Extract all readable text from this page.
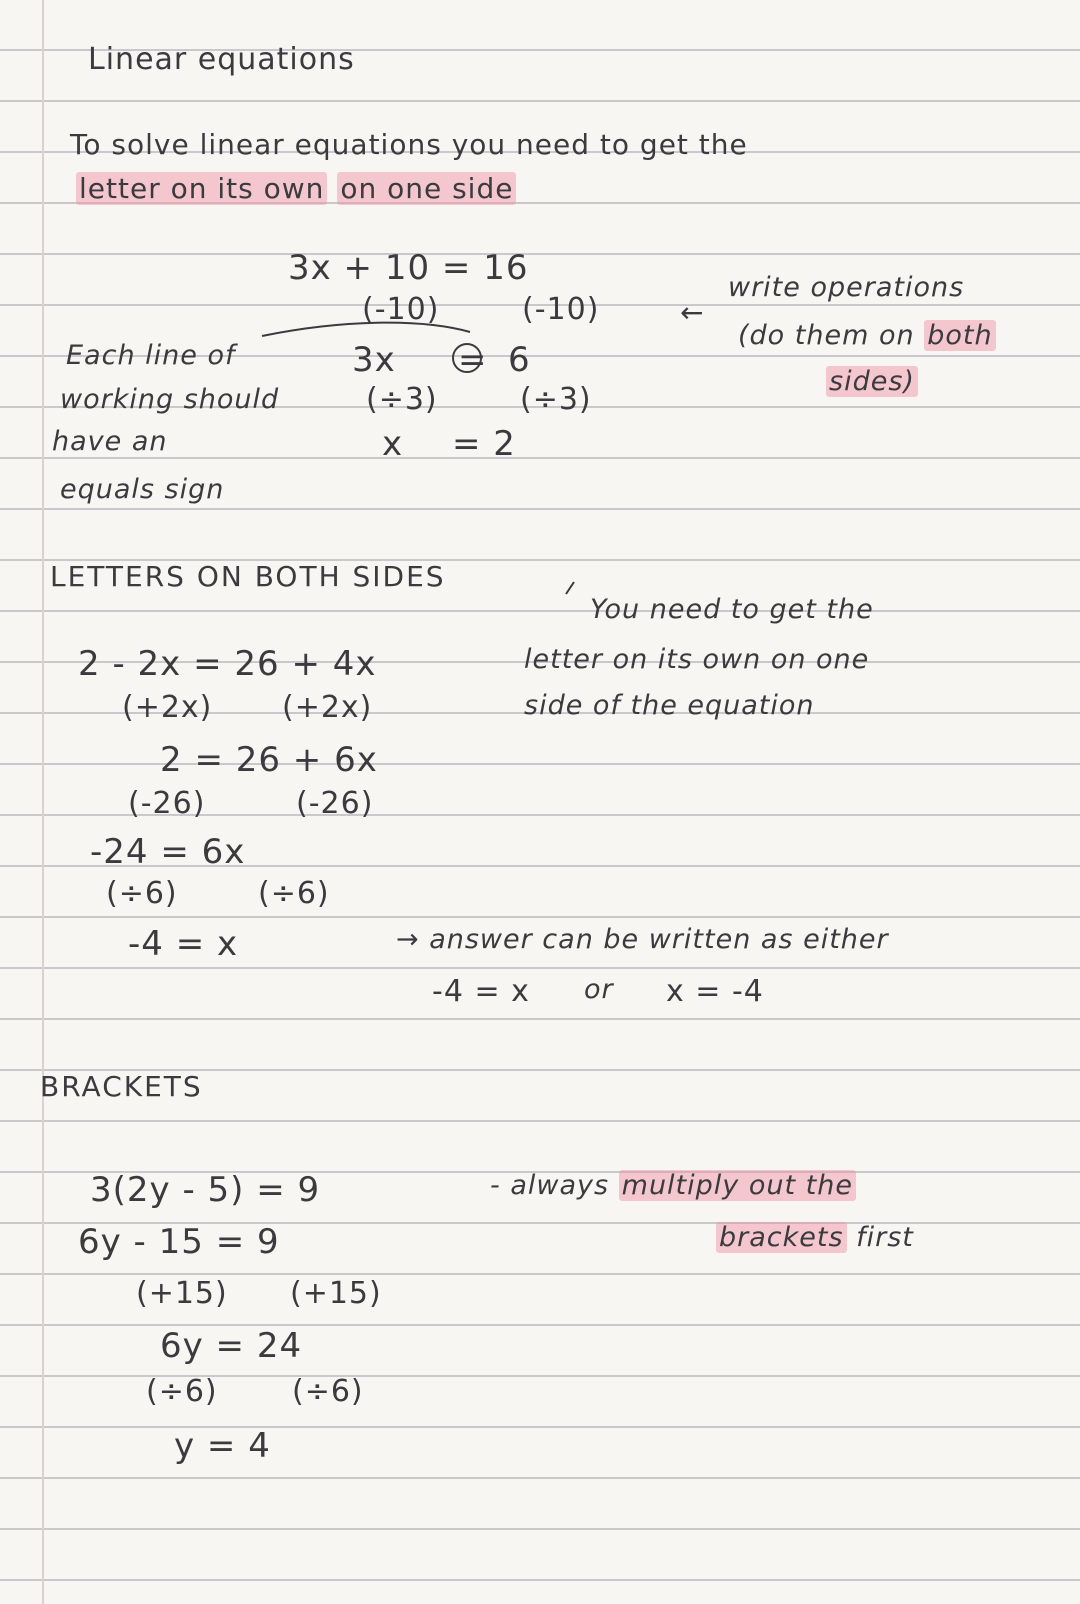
Linear equations
To solve linear equations you need to get the
letter on its own on one side
3x + 10 = 16
(-10)	(-10)
3x = 6
(÷3)	(÷3)
x = 2
Each line of
working should
have an
equals sign
←
write operations
(do them on both
sides)
LETTERS ON BOTH SIDES
You need to get the
letter on its own on one
side of the equation
2 - 2x = 26 + 4x
(+2x) (+2x)
2 = 26 + 6x
(-26)	(-26)
-24 = 6x
(÷6)	(÷6)
-4 = x	→ answer can be written as either
-4 = x or x = -4
BRACKETS
3(2y - 5) = 9
6y - 15 = 9
(+15) (+15)
6y = 24
(÷6) (÷6)
y = 4
- always multiply out the
brackets first
